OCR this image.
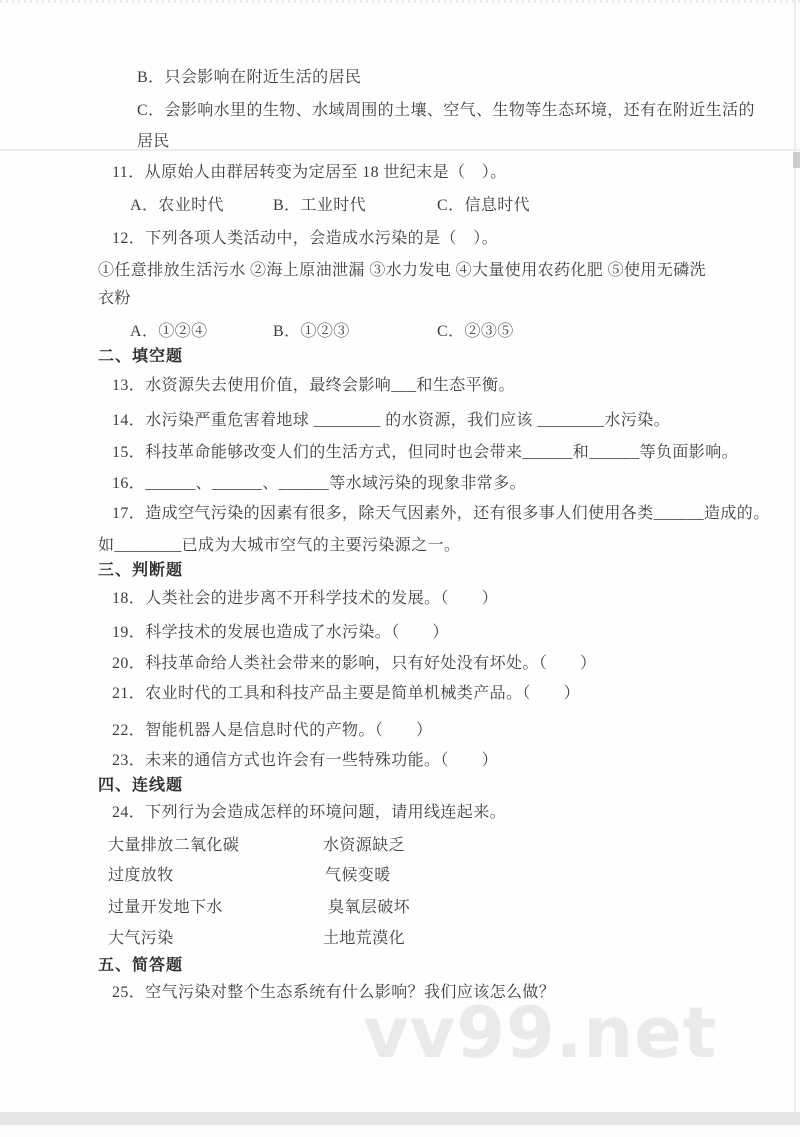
B．只会影响在附近生活的居民
C．会影响水里的生物、水域周围的土壤、空气、生物等生态环境，还有在附近生活的
居民
11．从原始人由群居转变为定居至 18 世纪末是（　）。
A．农业时代	B．工业时代	C．信息时代
12．下列各项人类活动中，会造成水污染的是（　）。
①任意排放生活污水 ②海上原油泄漏 ③水力发电 ④大量使用农药化肥 ⑤使用无磷洗
衣粉
A．①②④	B．①②③	C．②③⑤
二、填空题
13．水资源失去使用价值，最终会影响___和生态平衡。
14．水污染严重危害着地球 ________ 的水资源，我们应该 ________水污染。
15．科技革命能够改变人们的生活方式，但同时也会带来______和______等负面影响。
16．______、______、______等水域污染的现象非常多。
17．造成空气污染的因素有很多，除天气因素外，还有很多事人们使用各类______造成的。
如________已成为大城市空气的主要污染源之一。
三、判断题
18．人类社会的进步离不开科学技术的发展。（　　）
19．科学技术的发展也造成了水污染。（　　）
20．科技革命给人类社会带来的影响，只有好处没有坏处。（　　）
21．农业时代的工具和科技产品主要是简单机械类产品。（　　）
22．智能机器人是信息时代的产物。（　　）
23．未来的通信方式也许会有一些特殊功能。（　　）
四、连线题
24．下列行为会造成怎样的环境问题，请用线连起来。
大量排放二氧化碳	水资源缺乏
过度放牧	气候变暖
过量开发地下水	臭氧层破坏
大气污染	土地荒漠化
五、简答题
25．空气污染对整个生态系统有什么影响？我们应该怎么做？
vv99.net
